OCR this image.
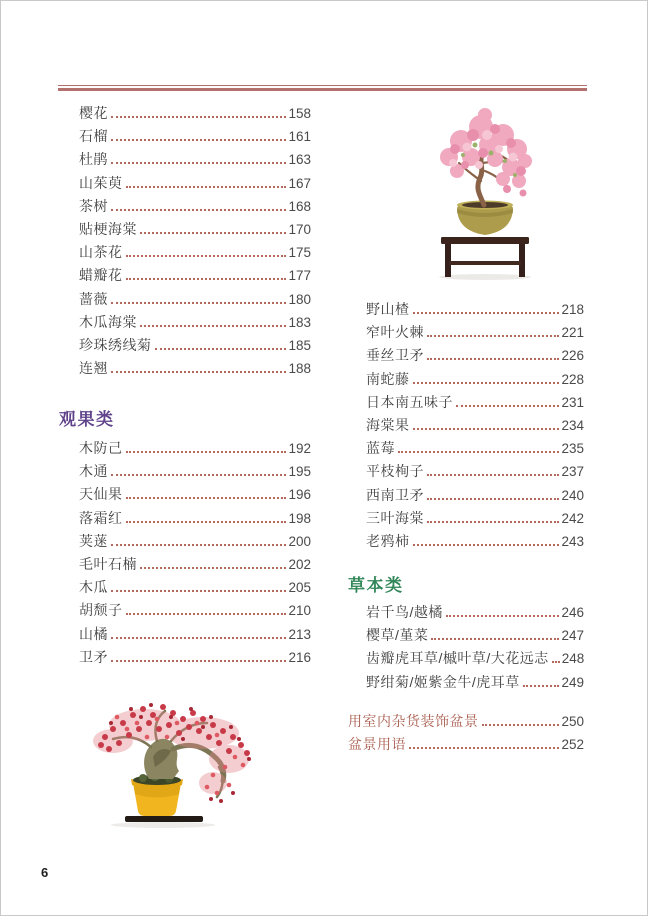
樱花	158
石榴	161
杜鹃	163
山茱萸	167
茶树	168
贴梗海棠	170
山茶花	175
蜡瓣花	177
蔷薇	180
木瓜海棠	183
珍珠绣线菊	185
连翘	188
观果类
木防己	192
木通	195
天仙果	196
落霜红	198
荚蒾	200
毛叶石楠	202
木瓜	205
胡颓子	210
山橘	213
卫矛	216
野山楂	218
窄叶火棘	221
垂丝卫矛	226
南蛇藤	228
日本南五味子	231
海棠果	234
蓝莓	235
平枝栒子	237
西南卫矛	240
三叶海棠	242
老鸦柿	243
草本类
岩千鸟/越橘	246
樱草/堇菜	247
齿瓣虎耳草/槭叶草/大花远志 248
野绀菊/姬紫金牛/虎耳草	249
用室内杂货装饰盆景	250
盆景用语	252
6
